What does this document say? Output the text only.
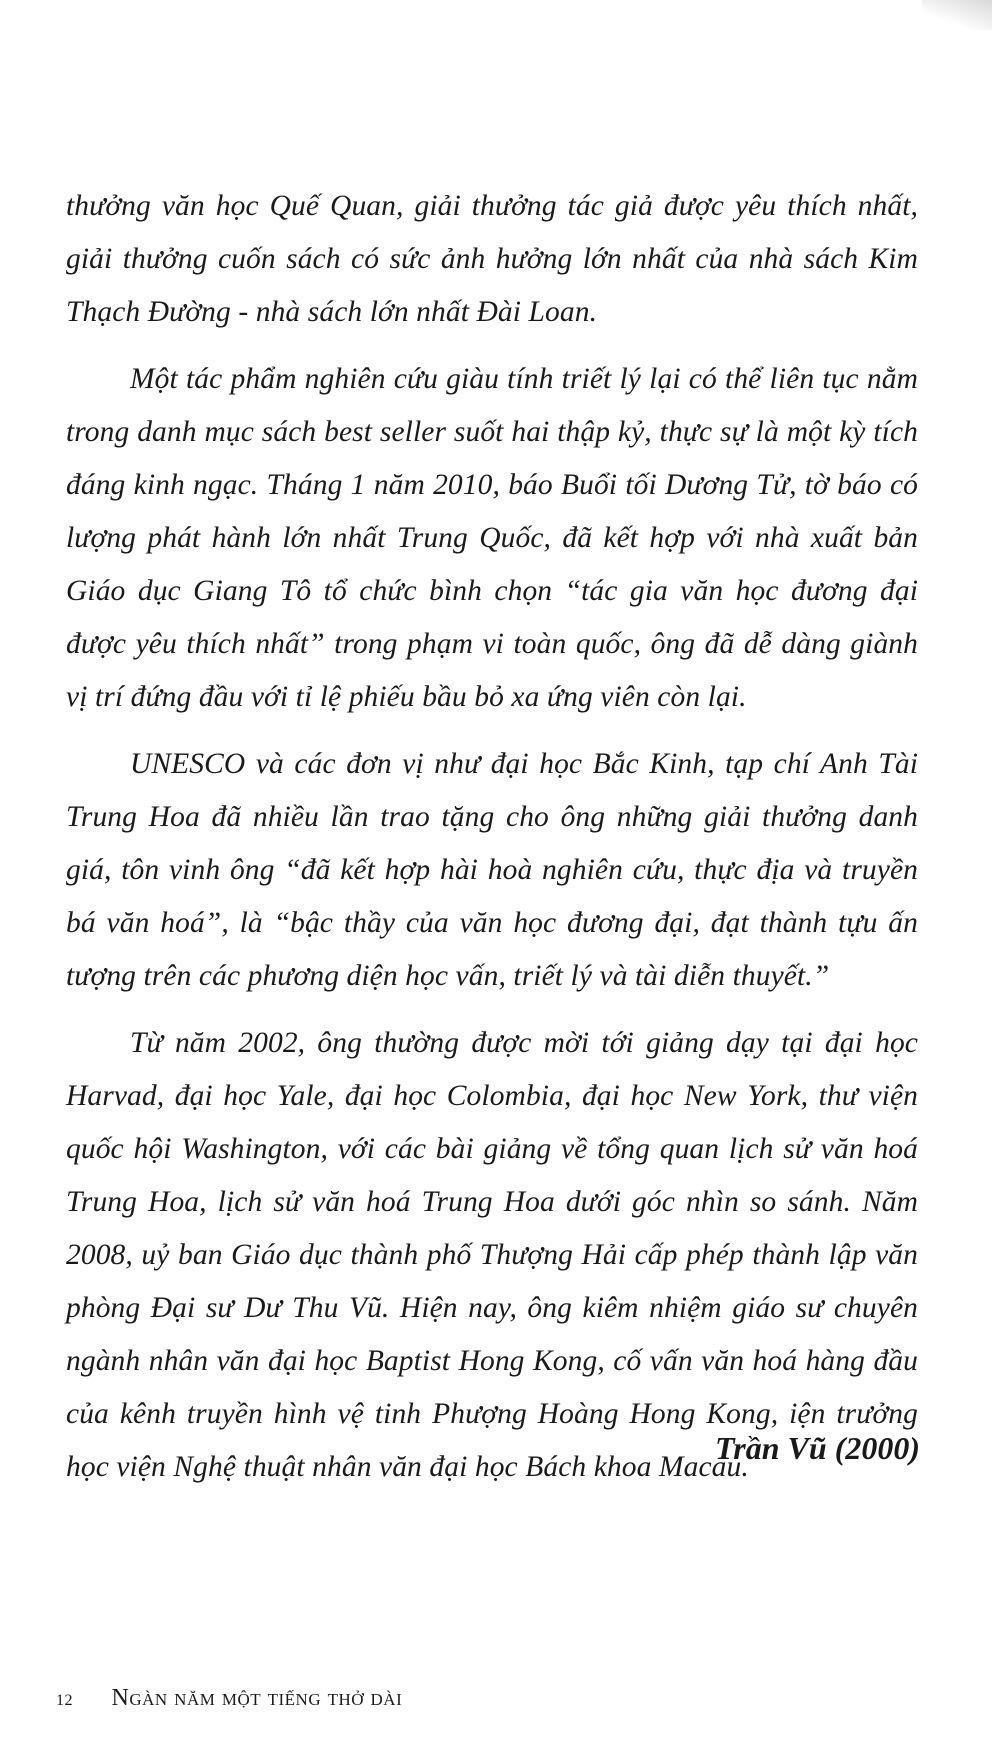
thưởng văn học Quế Quan, giải thưởng tác giả được yêu thích nhất, giải thưởng cuốn sách có sức ảnh hưởng lớn nhất của nhà sách Kim Thạch Đường - nhà sách lớn nhất Đài Loan.

Một tác phẩm nghiên cứu giàu tính triết lý lại có thể liên tục nằm trong danh mục sách best seller suốt hai thập kỷ, thực sự là một kỳ tích đáng kinh ngạc. Tháng 1 năm 2010, báo Buổi tối Dương Tử, tờ báo có lượng phát hành lớn nhất Trung Quốc, đã kết hợp với nhà xuất bản Giáo dục Giang Tô tổ chức bình chọn “tác gia văn học đương đại được yêu thích nhất” trong phạm vi toàn quốc, ông đã dễ dàng giành vị trí đứng đầu với tỉ lệ phiếu bầu bỏ xa ứng viên còn lại.

UNESCO và các đơn vị như đại học Bắc Kinh, tạp chí Anh Tài Trung Hoa đã nhiều lần trao tặng cho ông những giải thưởng danh giá, tôn vinh ông “đã kết hợp hài hoà nghiên cứu, thực địa và truyền bá văn hoá”, là “bậc thầy của văn học đương đại, đạt thành tựu ấn tượng trên các phương diện học vấn, triết lý và tài diễn thuyết.”

Từ năm 2002, ông thường được mời tới giảng dạy tại đại học Harvad, đại học Yale, đại học Colombia, đại học New York, thư viện quốc hội Washington, với các bài giảng về tổng quan lịch sử văn hoá Trung Hoa, lịch sử văn hoá Trung Hoa dưới góc nhìn so sánh. Năm 2008, uỷ ban Giáo dục thành phố Thượng Hải cấp phép thành lập văn phòng Đại sư Dư Thu Vũ. Hiện nay, ông kiêm nhiệm giáo sư chuyên ngành nhân văn đại học Baptist Hong Kong, cố vấn văn hoá hàng đầu của kênh truyền hình vệ tinh Phượng Hoàng Hong Kong, iện trưởng học viện Nghệ thuật nhân văn đại học Bách khoa Macau.

Trần Vũ (2000)
12 Ngàn năm một tiếng thở dài
